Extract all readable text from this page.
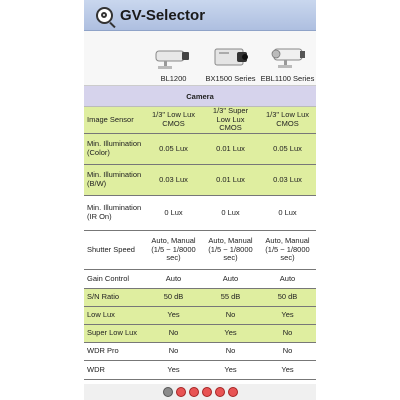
GV-Selector
BL1200	BX1500 Series EBL1100 Series
Camera
Image Sensor	1/3" Low Lux CMOS	1/3" Super Low Lux CMOS	1/3" Low Lux CMOS
Min. Illumination (Color)	0.05 Lux	0.01 Lux	0.05 Lux
Min. Illumination (B/W)	0.03 Lux	0.01 Lux	0.03 Lux
Min. Illumination (IR On)	0 Lux	0 Lux	0 Lux
Shutter Speed	Auto, Manual (1/5 ~ 1/8000 sec)	Auto, Manual (1/5 ~ 1/8000 sec)	Auto, Manual (1/5 ~ 1/8000 sec)
Gain Control	Auto	Auto	Auto
S/N Ratio	50 dB	55 dB	50 dB
Low Lux	Yes	No	Yes
Super Low Lux	No	Yes	No
WDR Pro	No	No	No
WDR	Yes	Yes	Yes
